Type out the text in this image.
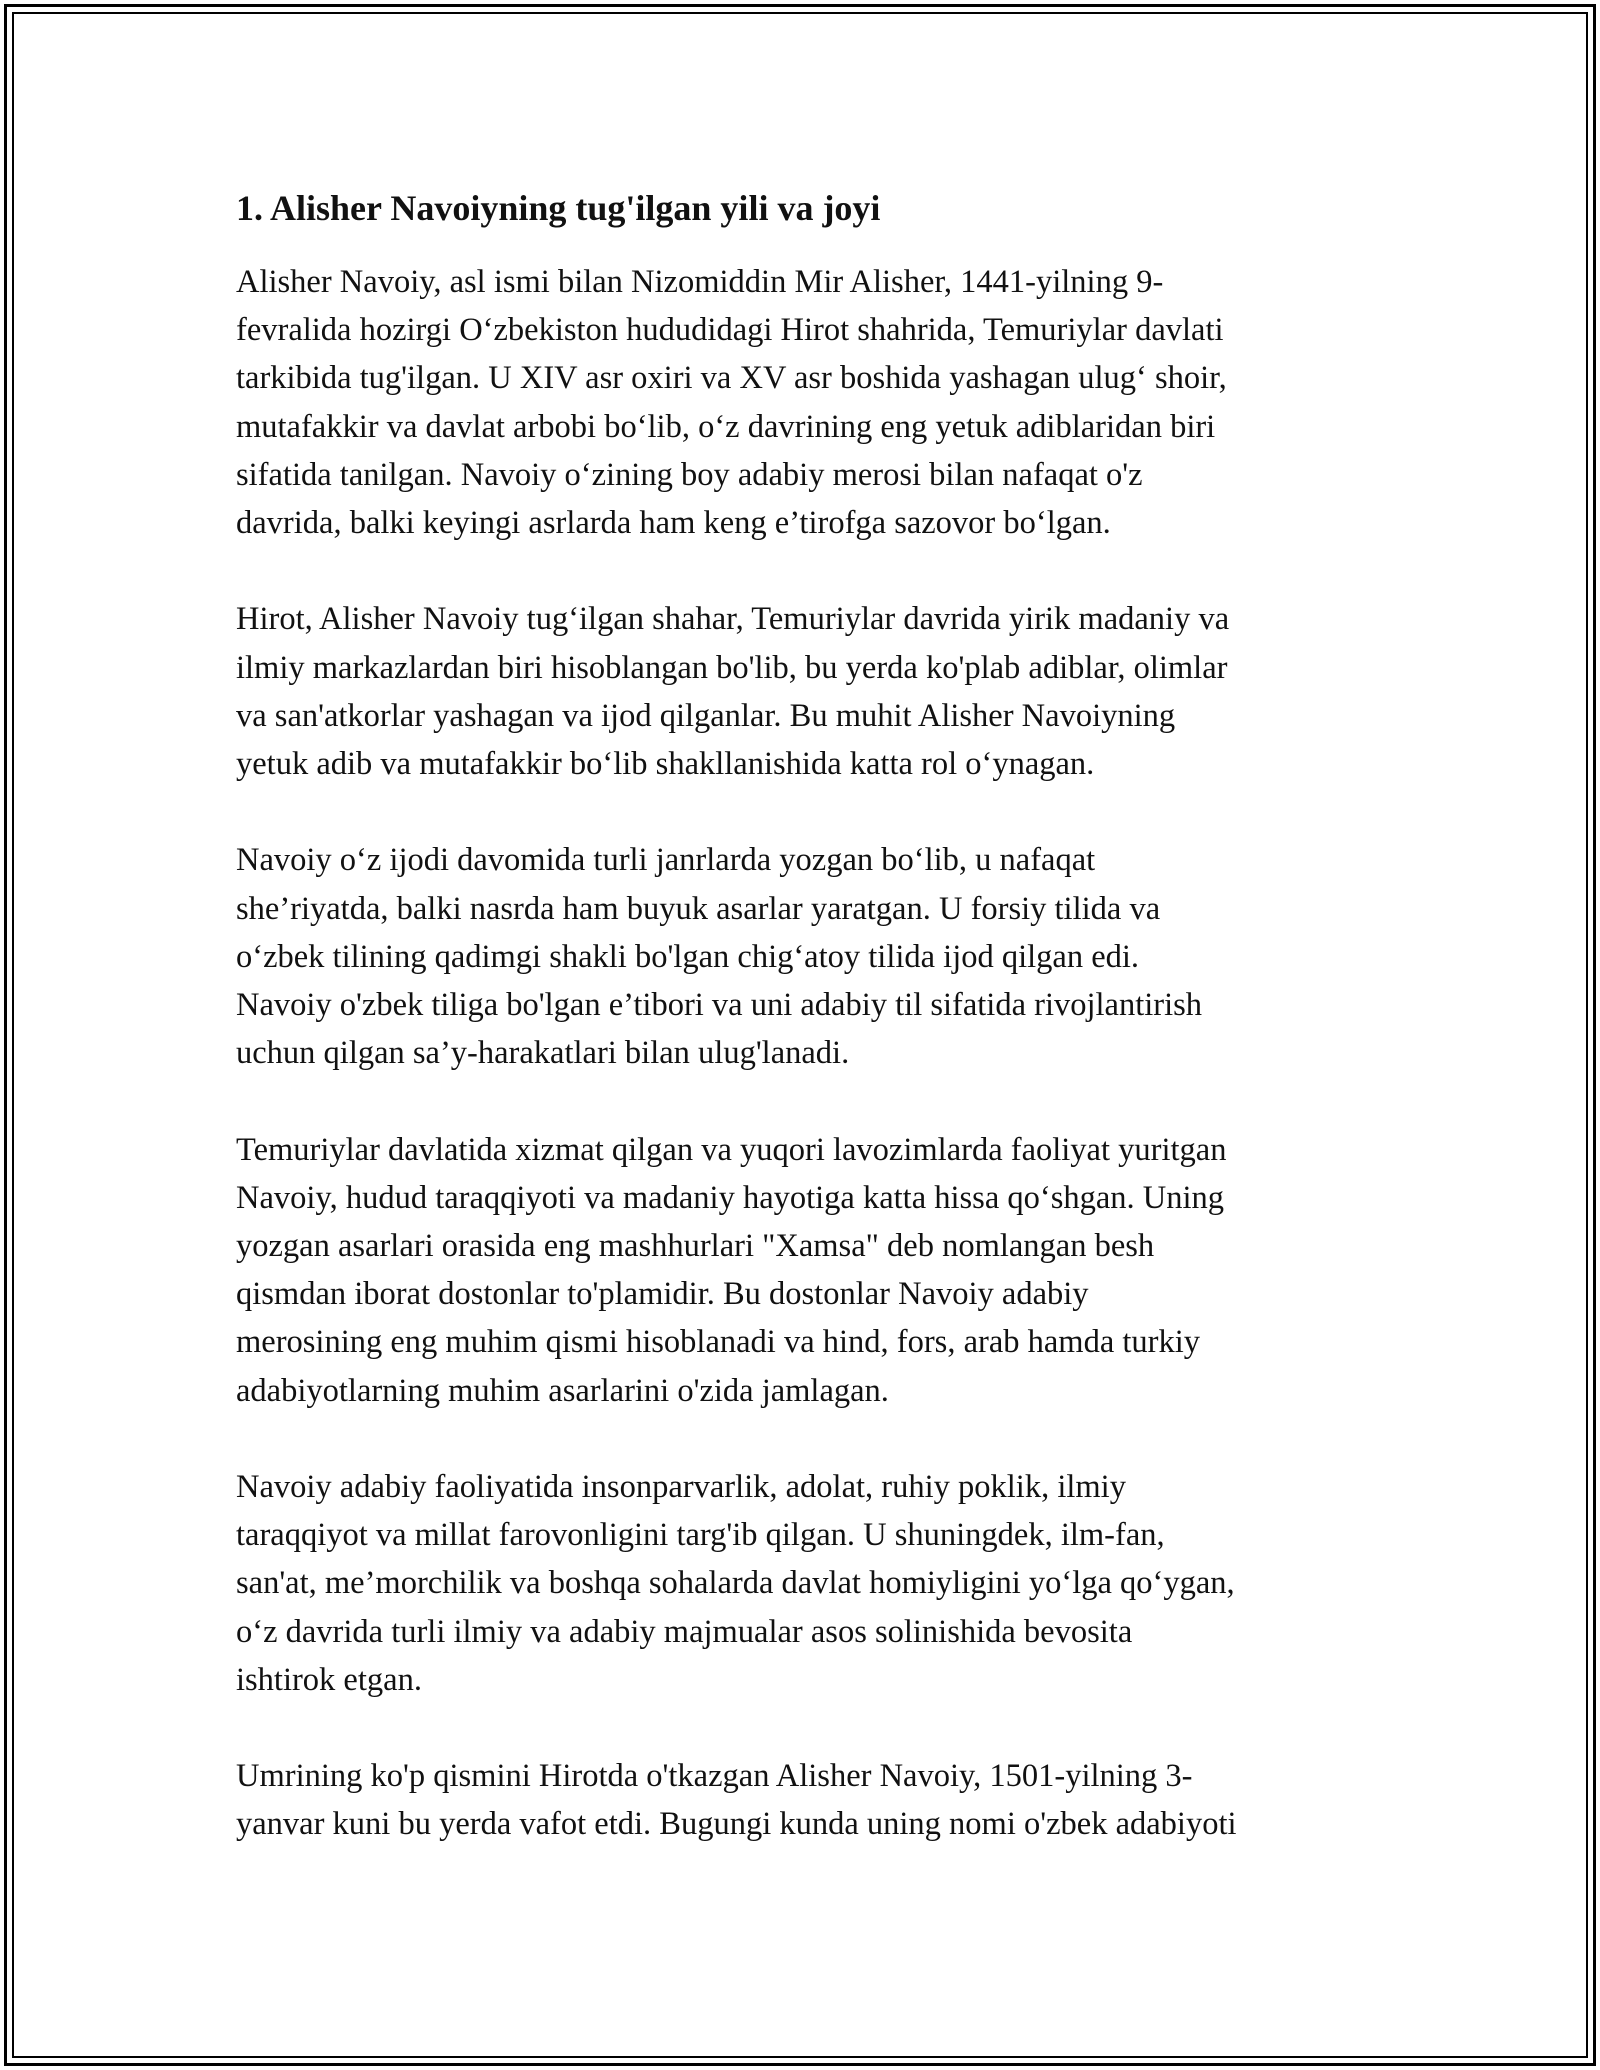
1. Alisher Navoiyning tug'ilgan yili va joyi

Alisher Navoiy, asl ismi bilan Nizomiddin Mir Alisher, 1441-yilning 9-
fevralida hozirgi O‘zbekiston hududidagi Hirot shahrida, Temuriylar davlati
tarkibida tug'ilgan. U XIV asr oxiri va XV asr boshida yashagan ulug‘ shoir,
mutafakkir va davlat arbobi bo‘lib, o‘z davrining eng yetuk adiblaridan biri
sifatida tanilgan. Navoiy o‘zining boy adabiy merosi bilan nafaqat o'z
davrida, balki keyingi asrlarda ham keng e’tirofga sazovor bo‘lgan.

Hirot, Alisher Navoiy tug‘ilgan shahar, Temuriylar davrida yirik madaniy va
ilmiy markazlardan biri hisoblangan bo'lib, bu yerda ko'plab adiblar, olimlar
va san'atkorlar yashagan va ijod qilganlar. Bu muhit Alisher Navoiyning
yetuk adib va mutafakkir bo‘lib shakllanishida katta rol o‘ynagan.

Navoiy o‘z ijodi davomida turli janrlarda yozgan bo‘lib, u nafaqat
she’riyatda, balki nasrda ham buyuk asarlar yaratgan. U forsiy tilida va
o‘zbek tilining qadimgi shakli bo'lgan chig‘atoy tilida ijod qilgan edi.
Navoiy o'zbek tiliga bo'lgan e’tibori va uni adabiy til sifatida rivojlantirish
uchun qilgan sa’y-harakatlari bilan ulug'lanadi.

Temuriylar davlatida xizmat qilgan va yuqori lavozimlarda faoliyat yuritgan
Navoiy, hudud taraqqiyoti va madaniy hayotiga katta hissa qo‘shgan. Uning
yozgan asarlari orasida eng mashhurlari "Xamsa" deb nomlangan besh
qismdan iborat dostonlar to'plamidir. Bu dostonlar Navoiy adabiy
merosining eng muhim qismi hisoblanadi va hind, fors, arab hamda turkiy
adabiyotlarning muhim asarlarini o'zida jamlagan.

Navoiy adabiy faoliyatida insonparvarlik, adolat, ruhiy poklik, ilmiy
taraqqiyot va millat farovonligini targ'ib qilgan. U shuningdek, ilm-fan,
san'at, me’morchilik va boshqa sohalarda davlat homiyligini yo‘lga qo‘ygan,
o‘z davrida turli ilmiy va adabiy majmualar asos solinishida bevosita
ishtirok etgan.

Umrining ko'p qismini Hirotda o'tkazgan Alisher Navoiy, 1501-yilning 3-
yanvar kuni bu yerda vafot etdi. Bugungi kunda uning nomi o'zbek adabiyoti
